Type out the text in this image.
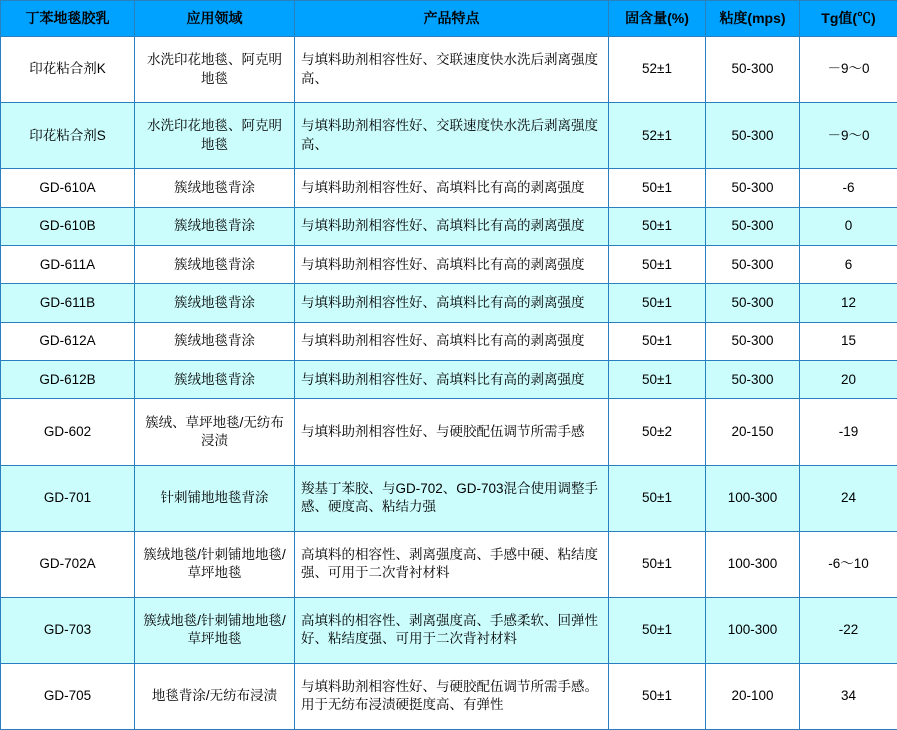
丁苯地毯胶乳	应用领域	产品特点	固含量(%)	粘度(mps)	Tg值(℃)
印花粘合剂K	水洗印花地毯、阿克明地毯	与填料助剂相容性好、交联速度快水洗后剥离强度高、	52±1	50-300	－9～0
印花粘合剂S	水洗印花地毯、阿克明地毯	与填料助剂相容性好、交联速度快水洗后剥离强度高、	52±1	50-300	－9～0
GD-610A	簇绒地毯背涂	与填料助剂相容性好、高填料比有高的剥离强度	50±1	50-300	-6
GD-610B	簇绒地毯背涂	与填料助剂相容性好、高填料比有高的剥离强度	50±1	50-300	0
GD-611A	簇绒地毯背涂	与填料助剂相容性好、高填料比有高的剥离强度	50±1	50-300	6
GD-611B	簇绒地毯背涂	与填料助剂相容性好、高填料比有高的剥离强度	50±1	50-300	12
GD-612A	簇绒地毯背涂	与填料助剂相容性好、高填料比有高的剥离强度	50±1	50-300	15
GD-612B	簇绒地毯背涂	与填料助剂相容性好、高填料比有高的剥离强度	50±1	50-300	20
GD-602	簇绒、草坪地毯/无纺布浸渍	与填料助剂相容性好、与硬胶配伍调节所需手感	50±2	20-150	-19
GD-701	针刺铺地地毯背涂	羧基丁苯胶、与GD-702、GD-703混合使用调整手感、硬度高、粘结力强	50±1	100-300	24
GD-702A	簇绒地毯/针刺铺地地毯/草坪地毯	高填料的相容性、剥离强度高、手感中硬、粘结度强、可用于二次背衬材料	50±1	100-300	-6～10
GD-703	簇绒地毯/针刺铺地地毯/草坪地毯	高填料的相容性、剥离强度高、手感柔软、回弹性好、粘结度强、可用于二次背衬材料	50±1	100-300	-22
GD-705	地毯背涂/无纺布浸渍	与填料助剂相容性好、与硬胶配伍调节所需手感。用于无纺布浸渍硬挺度高、有弹性	50±1	20-100	34
